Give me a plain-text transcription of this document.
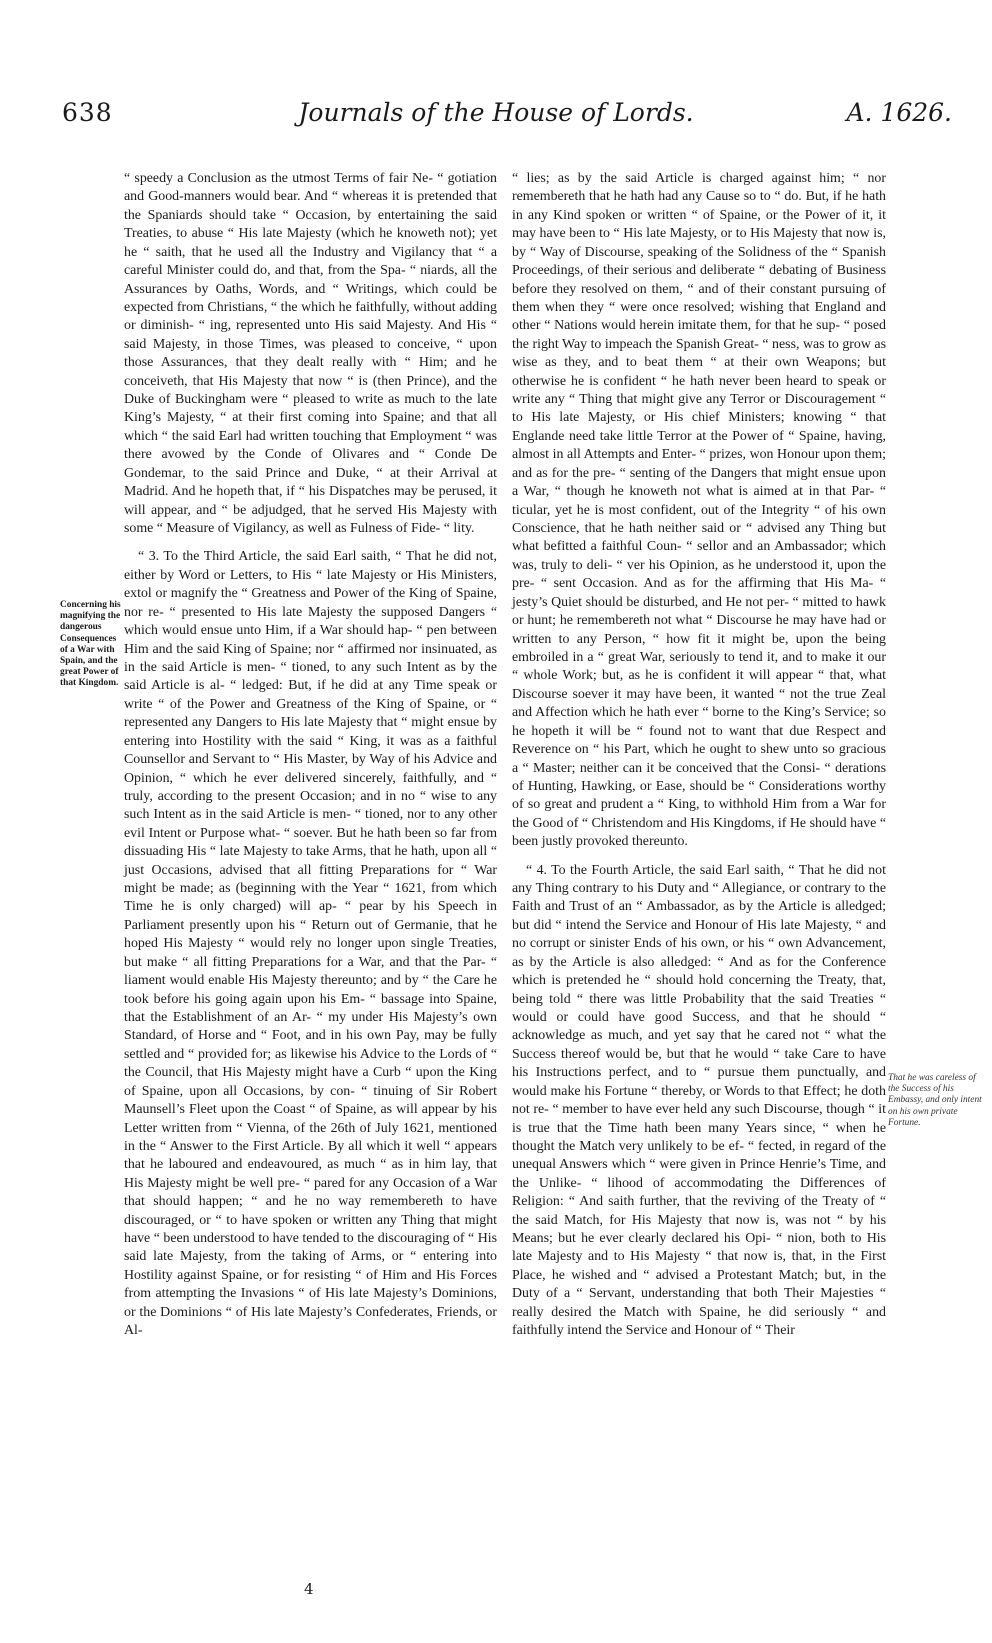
638	Journals of the House of Lords.	A. 1626.
Concerning his magnifying the dangerous Consequences of a War with Spain, and the great Power of that Kingdom.

“ speedy a Conclusion as the utmost Terms of fair Ne- “ gotiation and Good-manners would bear. And “ whereas it is pretended that the Spaniards should take “ Occasion, by entertaining the said Treaties, to abuse “ His late Majesty (which he knoweth not); yet he “ saith, that he used all the Industry and Vigilancy that “ a careful Minister could do, and that, from the Spa- “ niards, all the Assurances by Oaths, Words, and “ Writings, which could be expected from Christians, “ the which he faithfully, without adding or diminish- “ ing, represented unto His said Majesty. And His “ said Majesty, in those Times, was pleased to conceive, “ upon those Assurances, that they dealt really with “ Him; and he conceiveth, that His Majesty that now “ is (then Prince), and the Duke of Buckingham were “ pleased to write as much to the late King’s Majesty, “ at their first coming into Spaine; and that all which “ the said Earl had written touching that Employment “ was there avowed by the Conde of Olivares and “ Conde De Gondemar, to the said Prince and Duke, “ at their Arrival at Madrid. And he hopeth that, if “ his Dispatches may be perused, it will appear, and “ be adjudged, that he served His Majesty with some “ Measure of Vigilancy, as well as Fulness of Fide- “ lity.

“ 3. To the Third Article, the said Earl saith, “ That he did not, either by Word or Letters, to His “ late Majesty or His Ministers, extol or magnify the “ Greatness and Power of the King of Spaine, nor re- “ presented to His late Majesty the supposed Dangers “ which would ensue unto Him, if a War should hap- “ pen between Him and the said King of Spaine; nor “ affirmed nor insinuated, as in the said Article is men- “ tioned, to any such Intent as by the said Article is al- “ ledged: But, if he did at any Time speak or write “ of the Power and Greatness of the King of Spaine, or “ represented any Dangers to His late Majesty that “ might ensue by entering into Hostility with the said “ King, it was as a faithful Counsellor and Servant to “ His Master, by Way of his Advice and Opinion, “ which he ever delivered sincerely, faithfully, and “ truly, according to the present Occasion; and in no “ wise to any such Intent as in the said Article is men- “ tioned, nor to any other evil Intent or Purpose what- “ soever. But he hath been so far from dissuading His “ late Majesty to take Arms, that he hath, upon all “ just Occasions, advised that all fitting Preparations for “ War might be made; as (beginning with the Year “ 1621, from which Time he is only charged) will ap- “ pear by his Speech in Parliament presently upon his “ Return out of Germanie, that he hoped His Majesty “ would rely no longer upon single Treaties, but make “ all fitting Preparations for a War, and that the Par- “ liament would enable His Majesty thereunto; and by “ the Care he took before his going again upon his Em- “ bassage into Spaine, that the Establishment of an Ar- “ my under His Majesty’s own Standard, of Horse and “ Foot, and in his own Pay, may be fully settled and “ provided for; as likewise his Advice to the Lords of “ the Council, that His Majesty might have a Curb “ upon the King of Spaine, upon all Occasions, by con- “ tinuing of Sir Robert Maunsell’s Fleet upon the Coast “ of Spaine, as will appear by his Letter written from “ Vienna, of the 26th of July 1621, mentioned in the “ Answer to the First Article. By all which it well “ appears that he laboured and endeavoured, as much “ as in him lay, that His Majesty might be well pre- “ pared for any Occasion of a War that should happen; “ and he no way remembereth to have discouraged, or “ to have spoken or written any Thing that might have “ been understood to have tended to the discouraging of “ His said late Majesty, from the taking of Arms, or “ entering into Hostility against Spaine, or for resisting “ of Him and His Forces from attempting the Invasions “ of His late Majesty’s Dominions, or the Dominions “ of His late Majesty’s Confederates, Friends, or Al-

“ lies; as by the said Article is charged against him; “ nor remembereth that he hath had any Cause so to “ do. But, if he hath in any Kind spoken or written “ of Spaine, or the Power of it, it may have been to “ His late Majesty, or to His Majesty that now is, by “ Way of Discourse, speaking of the Solidness of the “ Spanish Proceedings, of their serious and deliberate “ debating of Business before they resolved on them, “ and of their constant pursuing of them when they “ were once resolved; wishing that England and other “ Nations would herein imitate them, for that he sup- “ posed the right Way to impeach the Spanish Great- “ ness, was to grow as wise as they, and to beat them “ at their own Weapons; but otherwise he is confident “ he hath never been heard to speak or write any “ Thing that might give any Terror or Discouragement “ to His late Majesty, or His chief Ministers; knowing “ that Englande need take little Terror at the Power of “ Spaine, having, almost in all Attempts and Enter- “ prizes, won Honour upon them; and as for the pre- “ senting of the Dangers that might ensue upon a War, “ though he knoweth not what is aimed at in that Par- “ ticular, yet he is most confident, out of the Integrity “ of his own Conscience, that he hath neither said or “ advised any Thing but what befitted a faithful Coun- “ sellor and an Ambassador; which was, truly to deli- “ ver his Opinion, as he understood it, upon the pre- “ sent Occasion. And as for the affirming that His Ma- “ jesty’s Quiet should be disturbed, and He not per- “ mitted to hawk or hunt; he remembereth not what “ Discourse he may have had or written to any Person, “ how fit it might be, upon the being embroiled in a “ great War, seriously to tend it, and to make it our “ whole Work; but, as he is confident it will appear “ that, what Discourse soever it may have been, it wanted “ not the true Zeal and Affection which he hath ever “ borne to the King’s Service; so he hopeth it will be “ found not to want that due Respect and Reverence on “ his Part, which he ought to shew unto so gracious a “ Master; neither can it be conceived that the Consi- “ derations of Hunting, Hawking, or Ease, should be “ Considerations worthy of so great and prudent a “ King, to withhold Him from a War for the Good of “ Christendom and His Kingdoms, if He should have “ been justly provoked thereunto.

“ 4. To the Fourth Article, the said Earl saith, “ That he did not any Thing contrary to his Duty and “ Allegiance, or contrary to the Faith and Trust of an “ Ambassador, as by the Article is alledged; but did “ intend the Service and Honour of His late Majesty, “ and no corrupt or sinister Ends of his own, or his “ own Advancement, as by the Article is also alledged: “ And as for the Conference which is pretended he “ should hold concerning the Treaty, that, being told “ there was little Probability that the said Treaties “ would or could have good Success, and that he should “ acknowledge as much, and yet say that he cared not “ what the Success thereof would be, but that he would “ take Care to have his Instructions perfect, and to “ pursue them punctually, and would make his Fortune “ thereby, or Words to that Effect; he doth not re- “ member to have ever held any such Discourse, though “ it is true that the Time hath been many Years since, “ when he thought the Match very unlikely to be ef- “ fected, in regard of the unequal Answers which “ were given in Prince Henrie’s Time, and the Unlike- “ lihood of accommodating the Differences of Religion: “ And saith further, that the reviving of the Treaty of “ the said Match, for His Majesty that now is, was not “ by his Means; but he ever clearly declared his Opi- “ nion, both to His late Majesty and to His Majesty “ that now is, that, in the First Place, he wished and “ advised a Protestant Match; but, in the Duty of a “ Servant, understanding that both Their Majesties “ really desired the Match with Spaine, he did seriously “ and faithfully intend the Service and Honour of “ Their

That he was careless of the Success of his Embassy, and only intent on his own private Fortune.
4
